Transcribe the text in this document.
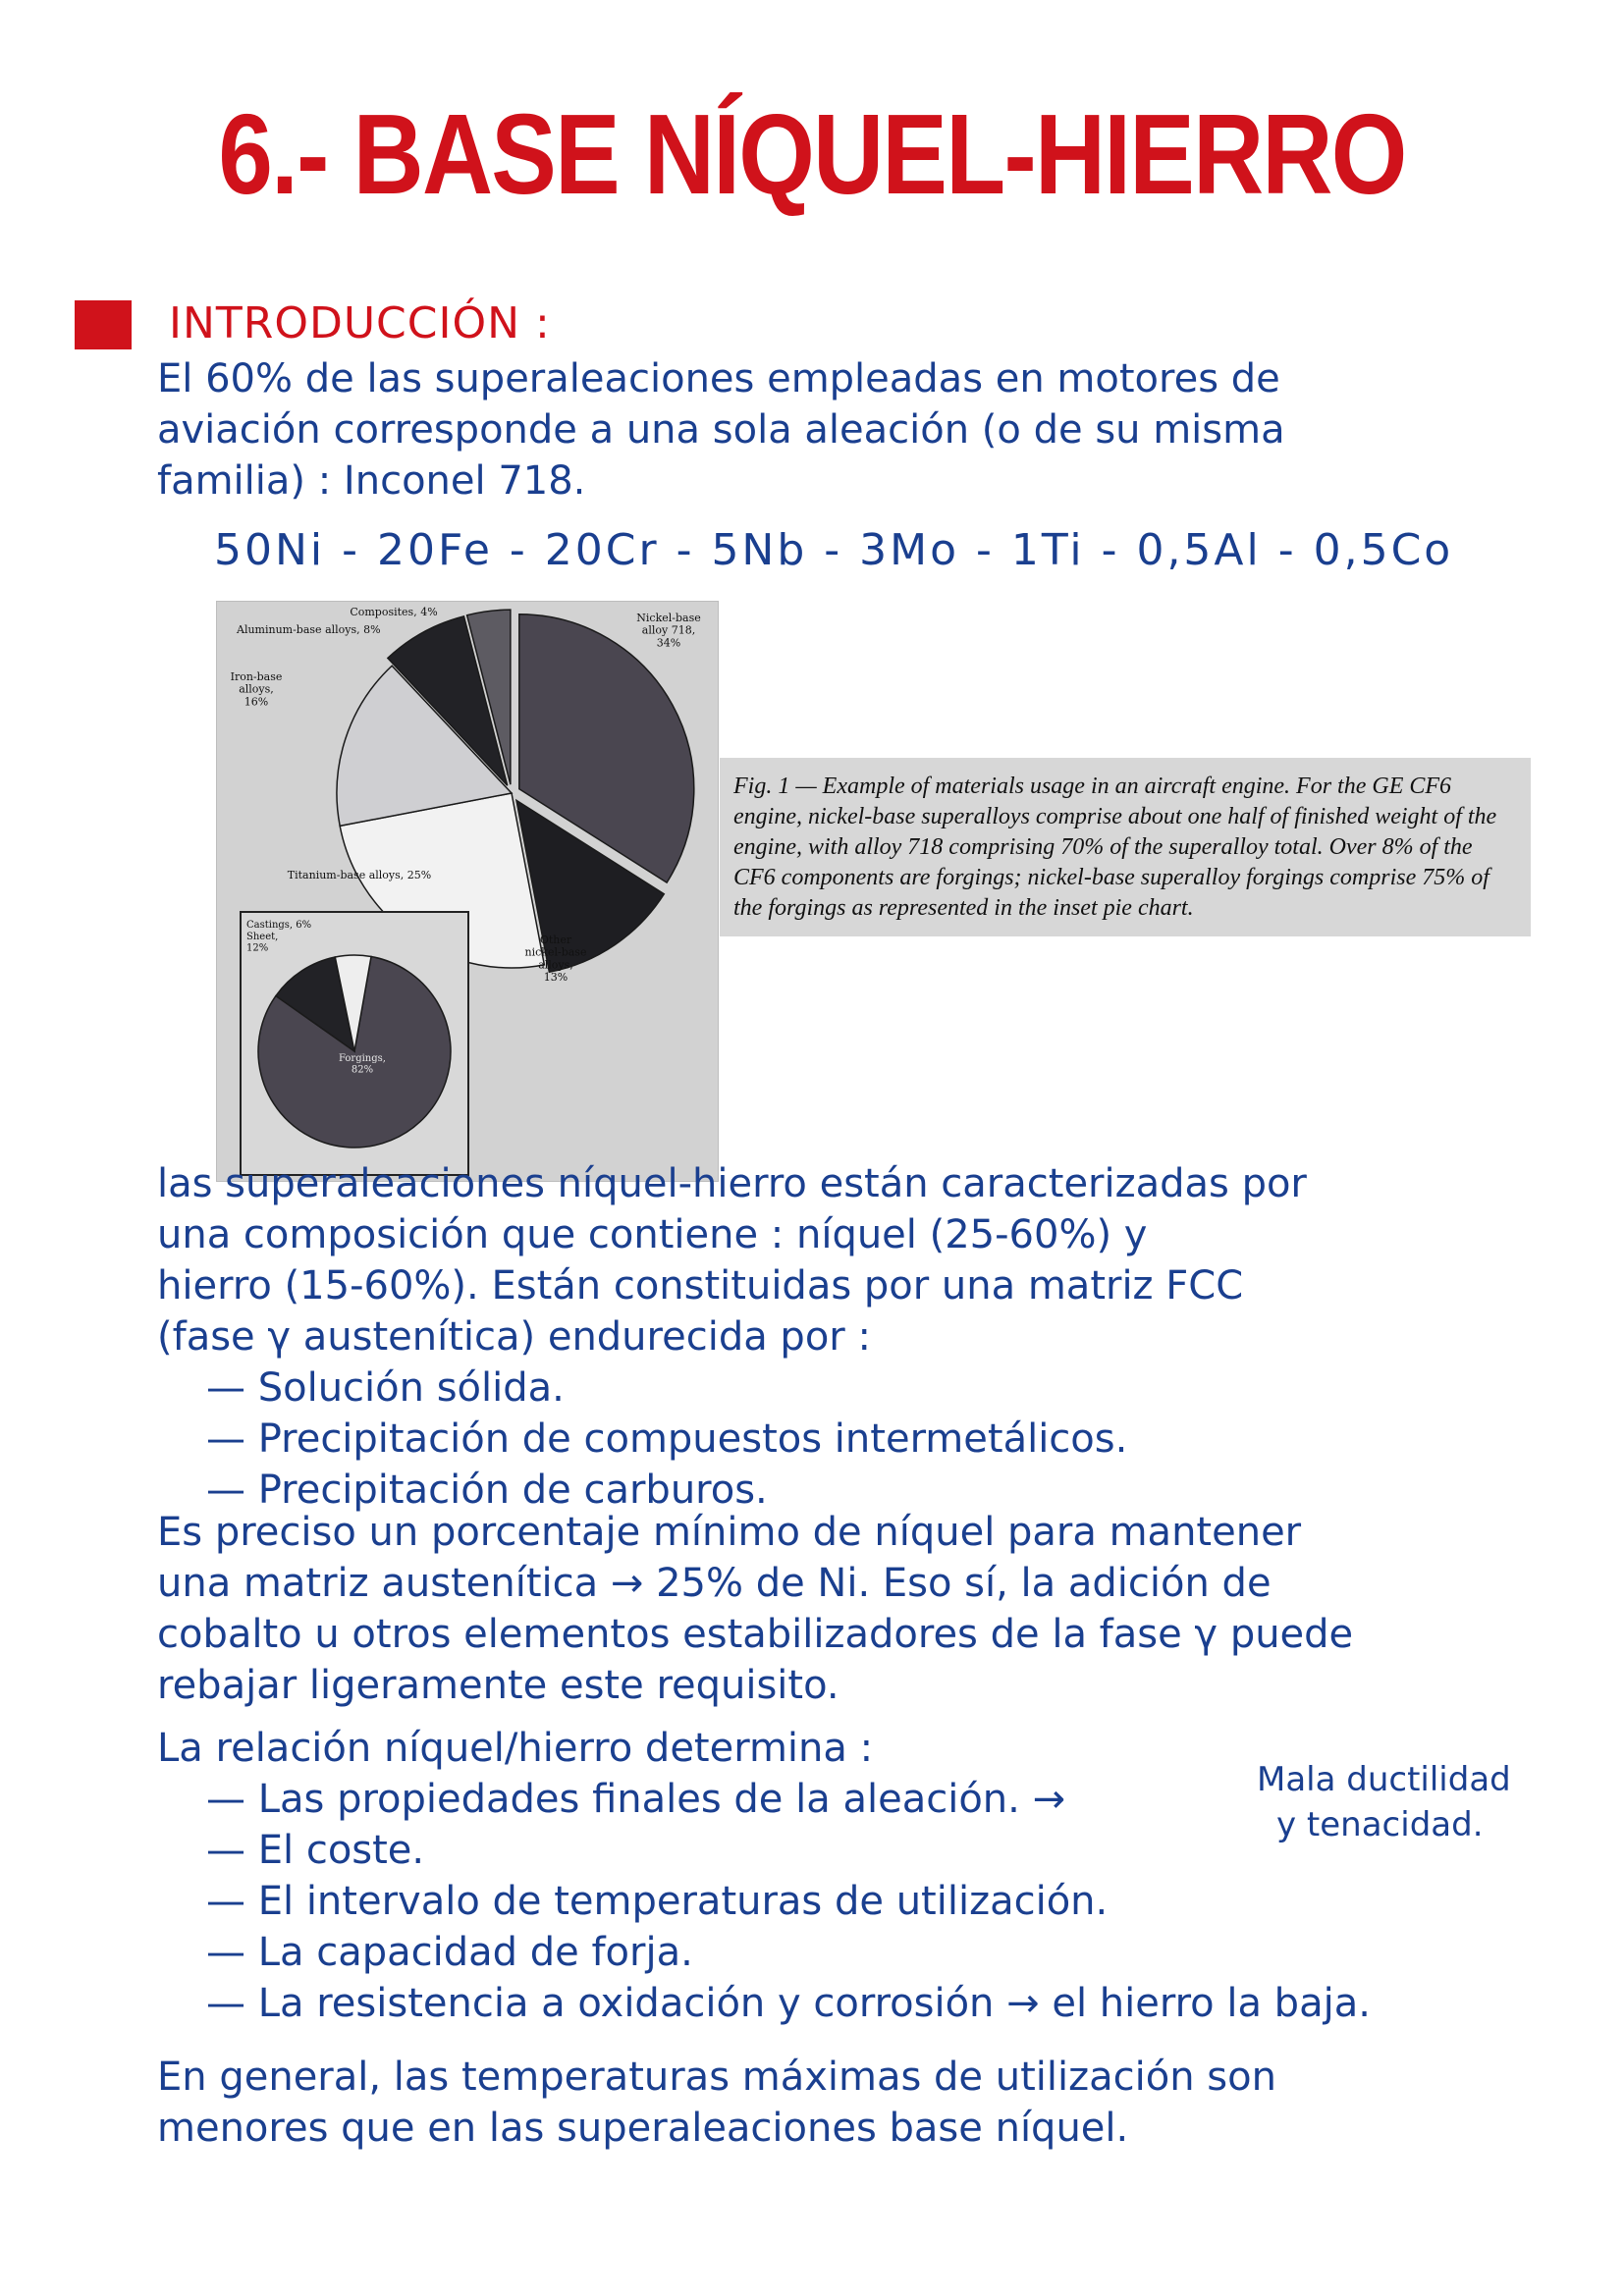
6.- BASE NÍQUEL-HIERRO
INTRODUCCIÓN :
El 60% de las superaleaciones empleadas en motores de
aviación corresponde a una sola aleación (o de su misma
familia) : Inconel 718.
50Ni - 20Fe - 20Cr - 5Nb - 3Mo - 1Ti - 0,5Al - 0,5Co
Composites, 4%
Aluminum-base alloys, 8%
Iron-base alloys, 16%
Nickel-base alloy 718, 34%
Titanium-base alloys, 25%
Other nickel-base alloys, 13%
Castings, 6%
Sheet, 12%
Forgings, 82%
Fig. 1 — Example of materials usage in an aircraft engine. For the GE CF6 engine, nickel-base superalloys comprise about one half of finished weight of the engine, with alloy 718 comprising 70% of the superalloy total. Over 8% of the CF6 components are forgings; nickel-base superalloy forgings comprise 75% of the forgings as represented in the inset pie chart.
las superaleaciones níquel-hierro están caracterizadas por
una composición que contiene : níquel (25-60%) y
hierro (15-60%). Están constituidas por una matriz FCC
(fase γ austenítica) endurecida por :
— Solución sólida.
— Precipitación de compuestos intermetálicos.
— Precipitación de carburos.
Es preciso un porcentaje mínimo de níquel para mantener
una matriz austenítica → 25% de Ni. Eso sí, la adición de
cobalto u otros elementos estabilizadores de la fase γ puede
rebajar ligeramente este requisito.
La relación níquel/hierro determina :
— Las propiedades finales de la aleación. →
— El coste.
— El intervalo de temperaturas de utilización.
— La capacidad de forja.
— La resistencia a oxidación y corrosión → el hierro la baja.
Mala ductilidad
y tenacidad.
En general, las temperaturas máximas de utilización son
menores que en las superaleaciones base níquel.
